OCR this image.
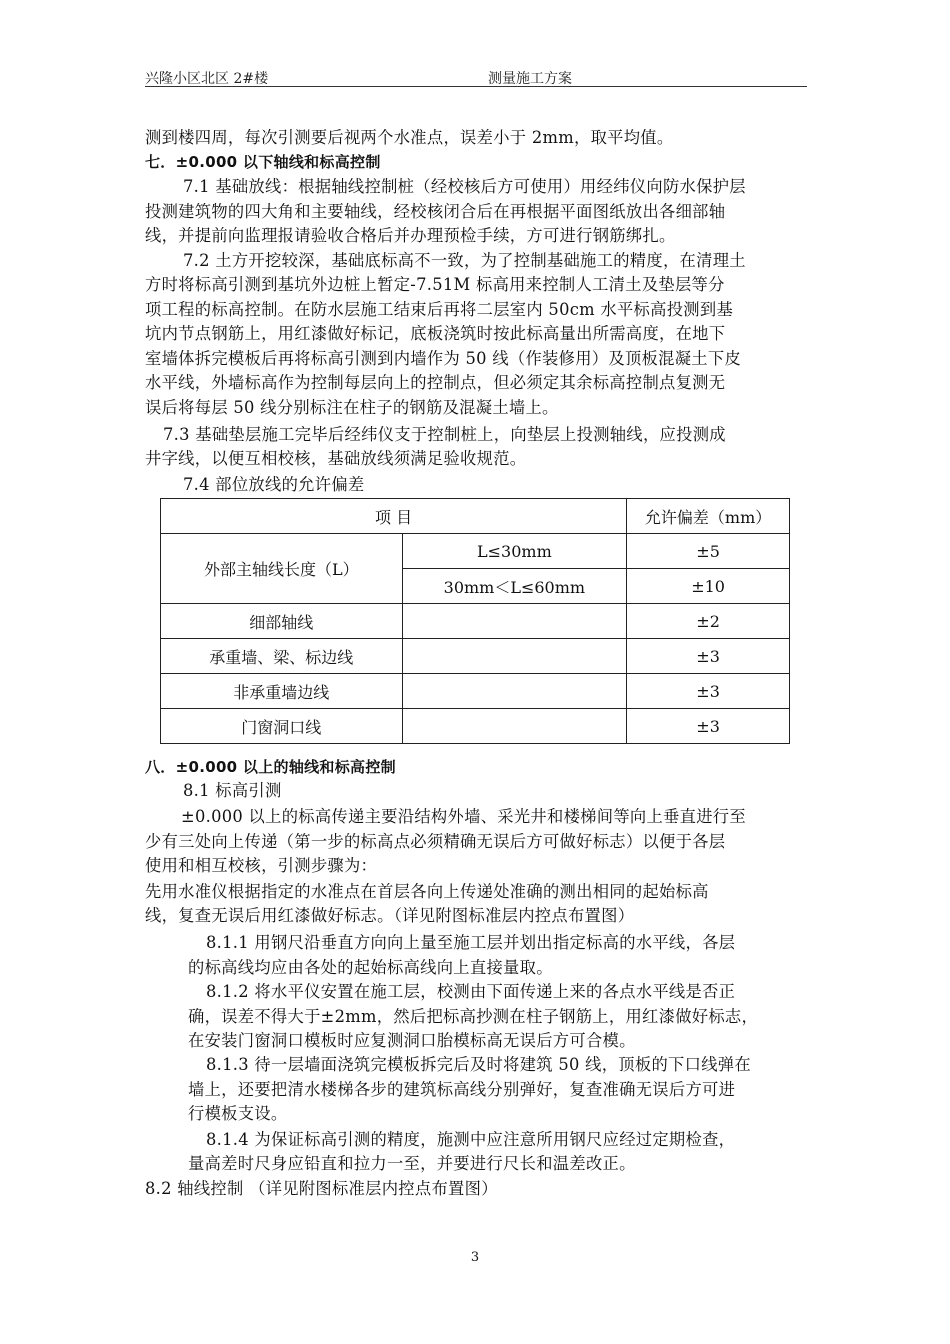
兴隆小区北区 2#楼	测量施工方案
测到楼四周，每次引测要后视两个水准点，误差小于 2mm，取平均值。
七．±0.000 以下轴线和标高控制
7.1 基础放线：根据轴线控制桩（经校核后方可使用）用经纬仪向防水保护层
投测建筑物的四大角和主要轴线，经校核闭合后在再根据平面图纸放出各细部轴
线，并提前向监理报请验收合格后并办理预检手续，方可进行钢筋绑扎。
7.2 土方开挖较深，基础底标高不一致，为了控制基础施工的精度，在清理土
方时将标高引测到基坑外边桩上暂定-7.51M 标高用来控制人工清土及垫层等分
项工程的标高控制。在防水层施工结束后再将二层室内 50cm 水平标高投测到基
坑内节点钢筋上，用红漆做好标记，底板浇筑时按此标高量出所需高度，在地下
室墙体拆完模板后再将标高引测到内墙作为 50 线（作装修用）及顶板混凝土下皮
水平线，外墙标高作为控制每层向上的控制点，但必须定其余标高控制点复测无
误后将每层 50 线分别标注在柱子的钢筋及混凝土墙上。
7.3 基础垫层施工完毕后经纬仪支于控制桩上，向垫层上投测轴线，应投测成
井字线，以便互相校核，基础放线须满足验收规范。
7.4 部位放线的允许偏差
项 目		允许偏差（mm）
外部主轴线长度（L）	L≤30mm	±5
	30mm＜L≤60mm	±10
细部轴线		±2
承重墙、梁、标边线		±3
非承重墙边线		±3
门窗洞口线		±3
八．±0.000 以上的轴线和标高控制
8.1 标高引测
±0.000 以上的标高传递主要沿结构外墙、采光井和楼梯间等向上垂直进行至
少有三处向上传递（第一步的标高点必须精确无误后方可做好标志）以便于各层
使用和相互校核，引测步骤为：
先用水准仪根据指定的水准点在首层各向上传递处准确的测出相同的起始标高
线，复查无误后用红漆做好标志。（详见附图标准层内控点布置图）
8.1.1 用钢尺沿垂直方向向上量至施工层并划出指定标高的水平线，各层
的标高线均应由各处的起始标高线向上直接量取。
8.1.2 将水平仪安置在施工层，校测由下面传递上来的各点水平线是否正
确，误差不得大于±2mm，然后把标高抄测在柱子钢筋上，用红漆做好标志，
在安装门窗洞口模板时应复测洞口胎模标高无误后方可合模。
8.1.3 待一层墙面浇筑完模板拆完后及时将建筑 50 线，顶板的下口线弹在
墙上，还要把清水楼梯各步的建筑标高线分别弹好，复查准确无误后方可进
行模板支设。
8.1.4 为保证标高引测的精度，施测中应注意所用钢尺应经过定期检查，
量高差时尺身应铅直和拉力一至，并要进行尺长和温差改正。
8.2 轴线控制 （详见附图标准层内控点布置图）
3
